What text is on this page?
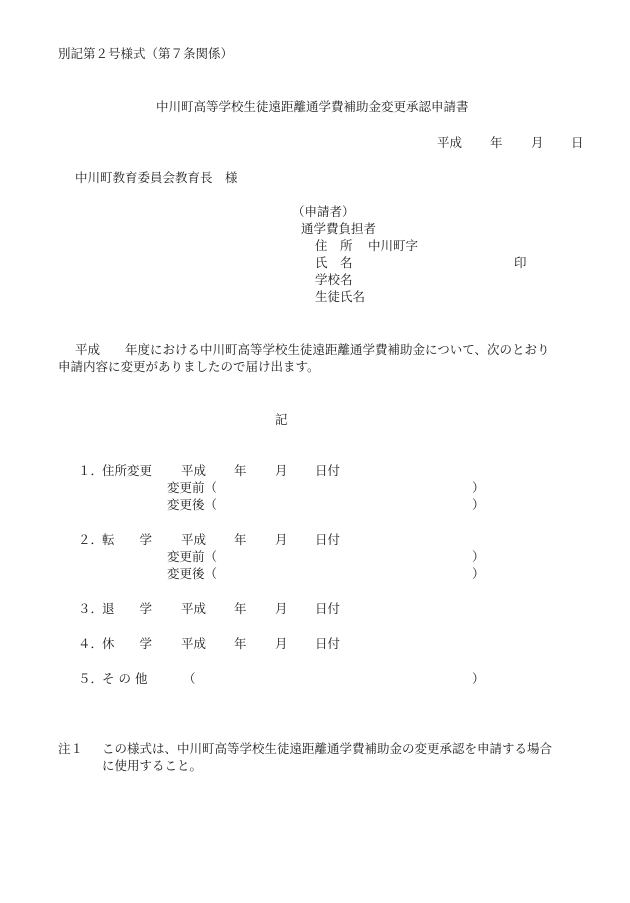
別記第２号様式（第７条関係）
中川町高等学校生徒遠距離通学費補助金変更承認申請書
平成 年 月 日
中川町教育委員会教育長　様
（申請者）
通学費負担者
住　所 中川町字
氏　名	印
学校名
生徒氏名
平成　　年度における中川町高等学校生徒遠距離通学費補助金について、次のとおり
申請内容に変更がありましたので届け出ます。
記
１．
住所変更 平成 年 月 日付
変更前（	）
変更後（	）
２．
転　　学 平成 年 月 日付
変更前（	）
変更後（	）
３．
退　　学 平成 年 月 日付
４．
休　　学 平成 年 月 日付
５．
そ の 他	（	）
注１ この様式は、中川町高等学校生徒遠距離通学費補助金の変更承認を申請する場合
に使用すること。
